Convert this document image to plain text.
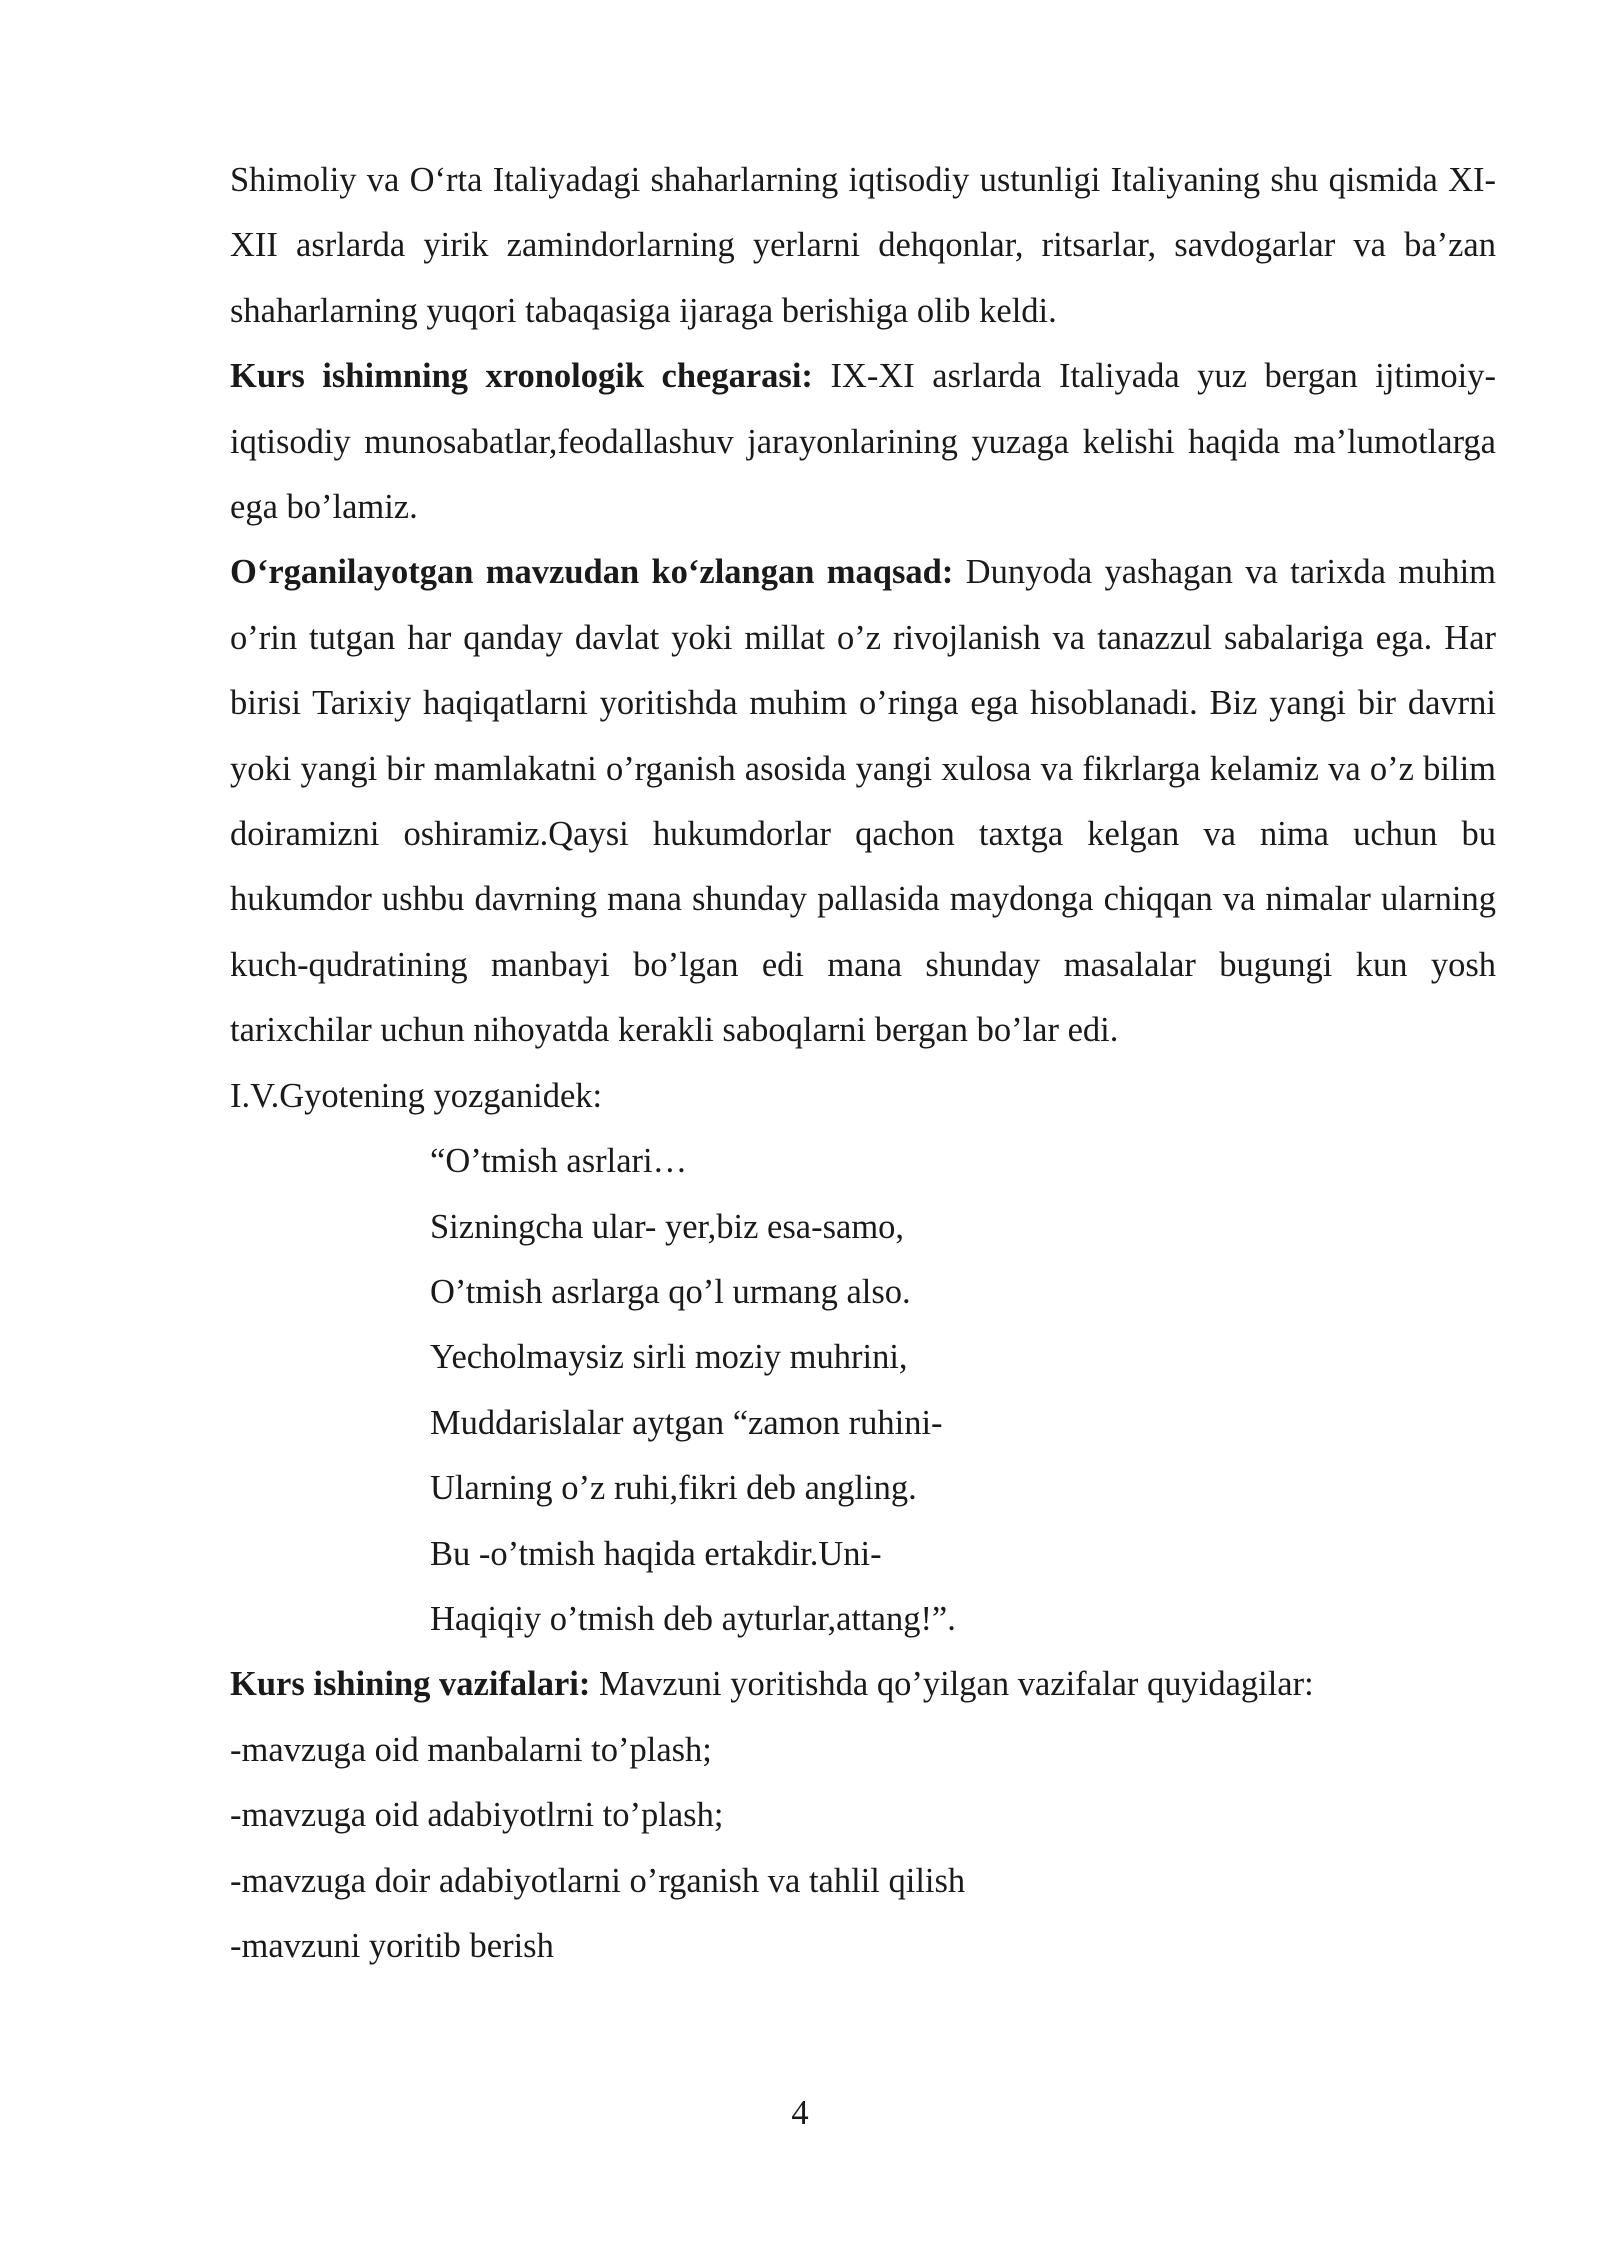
Shimoliy va O‘rta Italiyadagi shaharlarning iqtisodiy ustunligi Italiyaning shu qismida XI-XII asrlarda yirik zamindorlarning yerlarni dehqonlar, ritsarlar, savdogarlar va ba’zan shaharlarning yuqori tabaqasiga ijaraga berishiga olib keldi.

Kurs ishimning xronologik chegarasi: IX-XI asrlarda Italiyada yuz bergan ijtimoiy-iqtisodiy munosabatlar,feodallashuv jarayonlarining yuzaga kelishi haqida ma’lumotlarga ega bo’lamiz.

O‘rganilayotgan mavzudan ko‘zlangan maqsad: Dunyoda yashagan va tarixda muhim o’rin tutgan har qanday davlat yoki millat o’z rivojlanish va tanazzul sabalariga ega. Har birisi Tarixiy haqiqatlarni yoritishda muhim o’ringa ega hisoblanadi. Biz yangi bir davrni yoki yangi bir mamlakatni o’rganish asosida yangi xulosa va fikrlarga kelamiz va o’z bilim doiramizni oshiramiz.Qaysi hukumdorlar qachon taxtga kelgan va nima uchun bu hukumdor ushbu davrning mana shunday pallasida maydonga chiqqan va nimalar ularning kuch-qudratining manbayi bo’lgan edi mana shunday masalalar bugungi kun yosh tarixchilar uchun nihoyatda kerakli saboqlarni bergan bo’lar edi.

I.V.Gyotening yozganidek:

“O’tmish asrlari…
Sizningcha ular- yer,biz esa-samo,
O’tmish asrlarga qo’l urmang also.
Yecholmaysiz sirli moziy muhrini,
Muddarislalar aytgan “zamon ruhini-
Ularning o’z ruhi,fikri deb angling.
Bu -o’tmish haqida ertakdir.Uni-
Haqiqiy o’tmish deb ayturlar,attang!”.

Kurs ishining vazifalari: Mavzuni yoritishda qo’yilgan vazifalar quyidagilar:

-mavzuga oid manbalarni to’plash;
-mavzuga oid adabiyotlrni to’plash;
-mavzuga doir adabiyotlarni o’rganish va tahlil qilish
-mavzuni yoritib berish
4
